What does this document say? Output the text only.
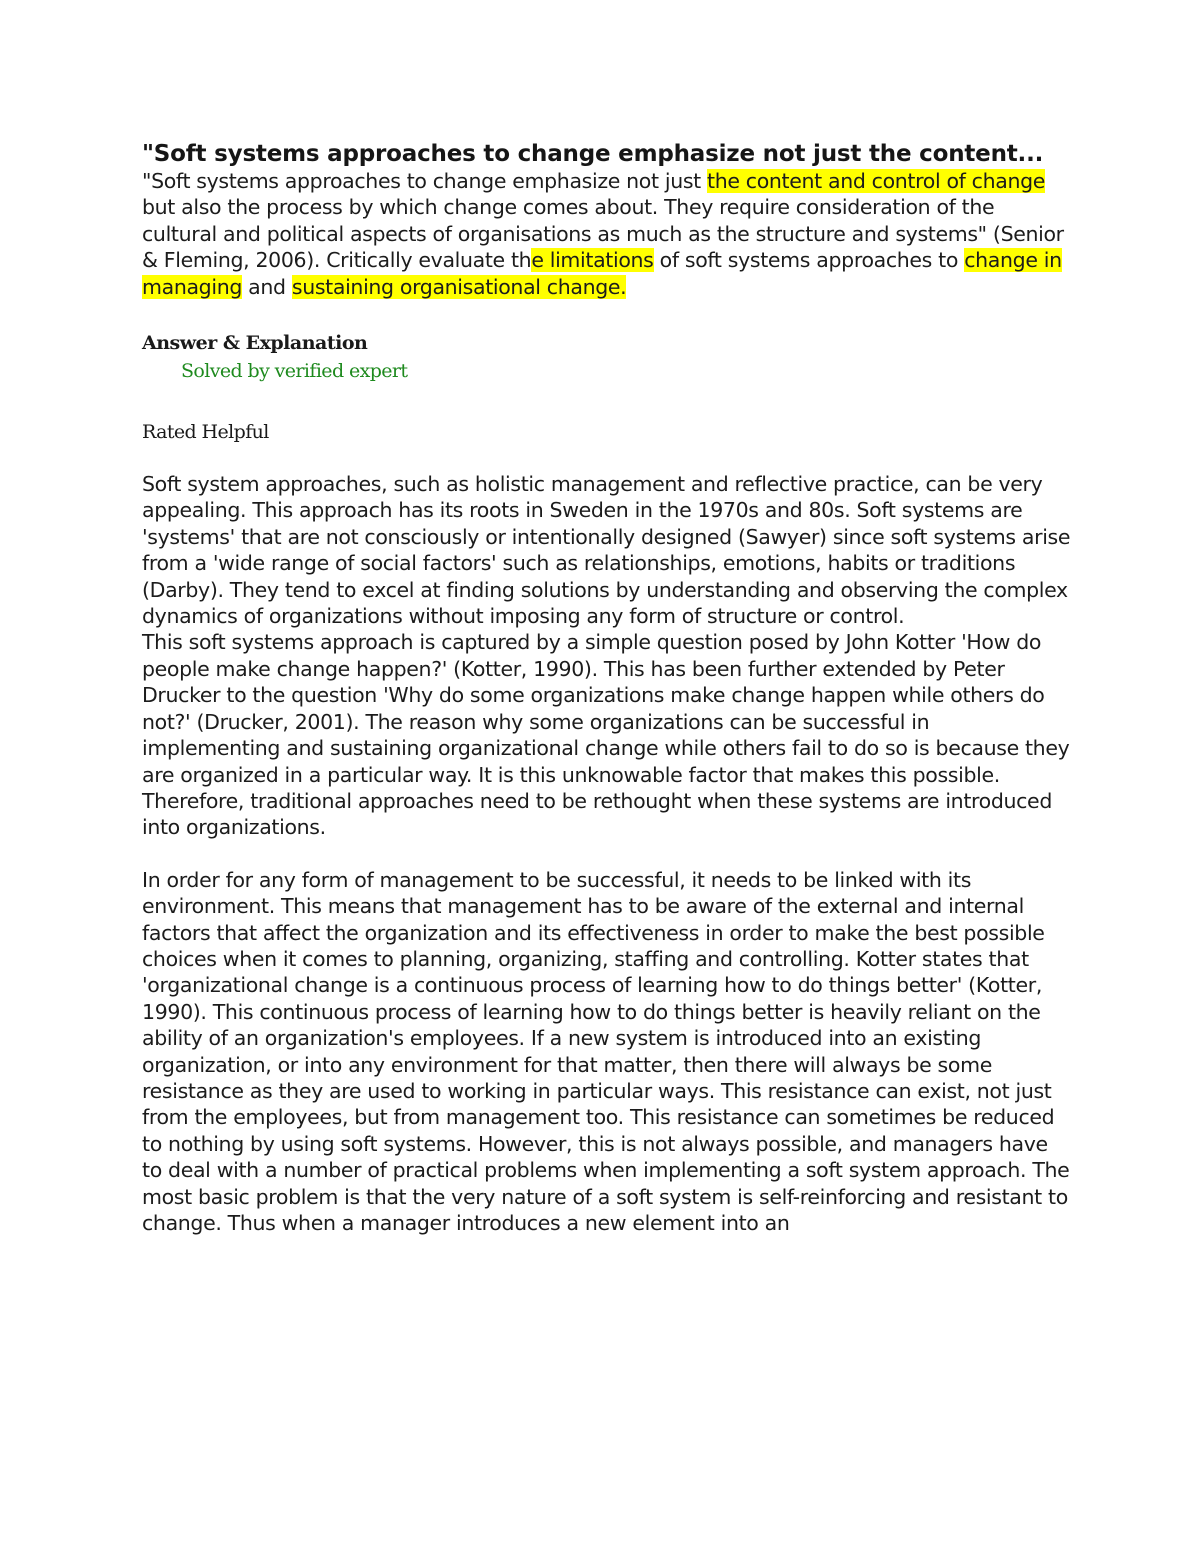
"Soft systems approaches to change emphasize not just the content...

"Soft systems approaches to change emphasize not just the content and control of change but also the process by which change comes about. They require consideration of the cultural and political aspects of organisations as much as the structure and systems" (Senior & Fleming, 2006). Critically evaluate the limitations of soft systems approaches to change in managing and sustaining organisational change.

Answer & Explanation
Solved by verified expert
Rated Helpful

Soft system approaches, such as holistic management and reflective practice, can be very appealing. This approach has its roots in Sweden in the 1970s and 80s. Soft systems are 'systems' that are not consciously or intentionally designed (Sawyer) since soft systems arise from a 'wide range of social factors' such as relationships, emotions, habits or traditions (Darby). They tend to excel at finding solutions by understanding and observing the complex dynamics of organizations without imposing any form of structure or control.

This soft systems approach is captured by a simple question posed by John Kotter 'How do people make change happen?' (Kotter, 1990). This has been further extended by Peter Drucker to the question 'Why do some organizations make change happen while others do not?' (Drucker, 2001). The reason why some organizations can be successful in implementing and sustaining organizational change while others fail to do so is because they are organized in a particular way. It is this unknowable factor that makes this possible. Therefore, traditional approaches need to be rethought when these systems are introduced into organizations.

In order for any form of management to be successful, it needs to be linked with its environment. This means that management has to be aware of the external and internal factors that affect the organization and its effectiveness in order to make the best possible choices when it comes to planning, organizing, staffing and controlling. Kotter states that 'organizational change is a continuous process of learning how to do things better' (Kotter, 1990). This continuous process of learning how to do things better is heavily reliant on the ability of an organization's employees. If a new system is introduced into an existing organization, or into any environment for that matter, then there will always be some resistance as they are used to working in particular ways. This resistance can exist, not just from the employees, but from management too. This resistance can sometimes be reduced to nothing by using soft systems. However, this is not always possible, and managers have to deal with a number of practical problems when implementing a soft system approach. The most basic problem is that the very nature of a soft system is self-reinforcing and resistant to change. Thus when a manager introduces a new element into an
